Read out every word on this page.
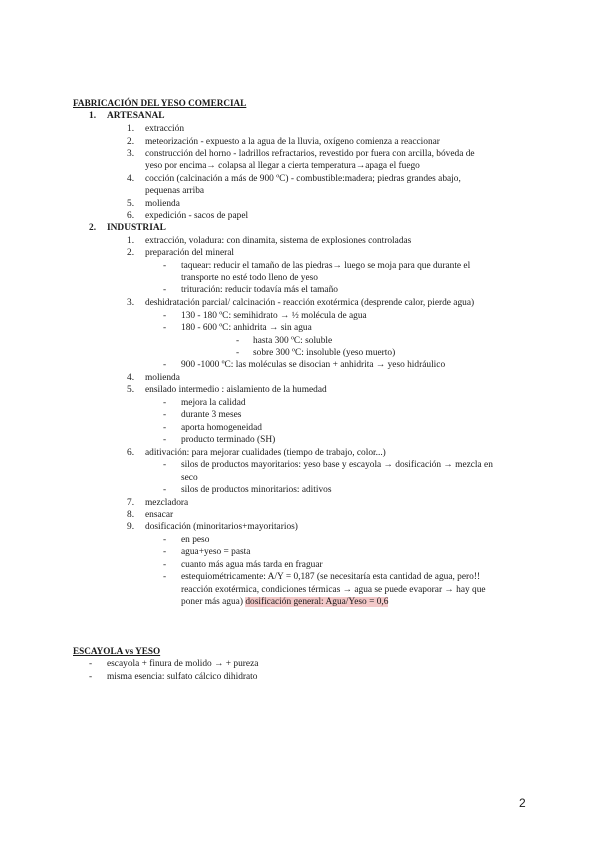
FABRICACIÓN DEL YESO COMERCIAL
1. ARTESANAL
1. extracción
2. meteorización - expuesto a la agua de la lluvia, oxígeno comienza a reaccionar
3. construcción del horno - ladrillos refractarios, revestido por fuera con arcilla, bóveda de
yeso por encima→ colapsa al llegar a cierta temperatura→apaga el fuego
4. cocción (calcinación a más de 900 ºC) - combustible:madera; piedras grandes abajo,
pequenas arriba
5. molienda
6. expedición - sacos de papel
2. INDUSTRIAL
1. extracción, voladura: con dinamita, sistema de explosiones controladas
2. preparación del mineral
- taquear: reducir el tamaño de las piedras→ luego se moja para que durante el
transporte no esté todo lleno de yeso
- trituración: reducir todavía más el tamaño
3. deshidratación parcial/ calcinación - reacción exotérmica (desprende calor, pierde agua)
- 130 - 180 ºC: semihidrato → ½ molécula de agua
- 180 - 600 ºC: anhidrita → sin agua
- hasta 300 ºC: soluble
- sobre 300 ºC: insoluble (yeso muerto)
- 900 -1000 ºC: las moléculas se disocian + anhidrita → yeso hidráulico
4. molienda
5. ensilado intermedio : aislamiento de la humedad
- mejora la calidad
- durante 3 meses
- aporta homogeneidad
- producto terminado (SH)
6. aditivación: para mejorar cualidades (tiempo de trabajo, color...)
- silos de productos mayoritarios: yeso base y escayola → dosificación → mezcla en
seco
- silos de productos minoritarios: aditivos
7. mezcladora
8. ensacar
9. dosificación (minoritarios+mayoritarios)
- en peso
- agua+yeso = pasta
- cuanto más agua más tarda en fraguar
- estequiométricamente: A/Y = 0,187 (se necesitaría esta cantidad de agua, pero!!
reacción exotérmica, condiciones térmicas → agua se puede evaporar → hay que
poner más agua) dosificación general: Agua/Yeso = 0,6
ESCAYOLA vs YESO
- escayola + finura de molido → + pureza
- misma esencia: sulfato cálcico dihidrato
2
